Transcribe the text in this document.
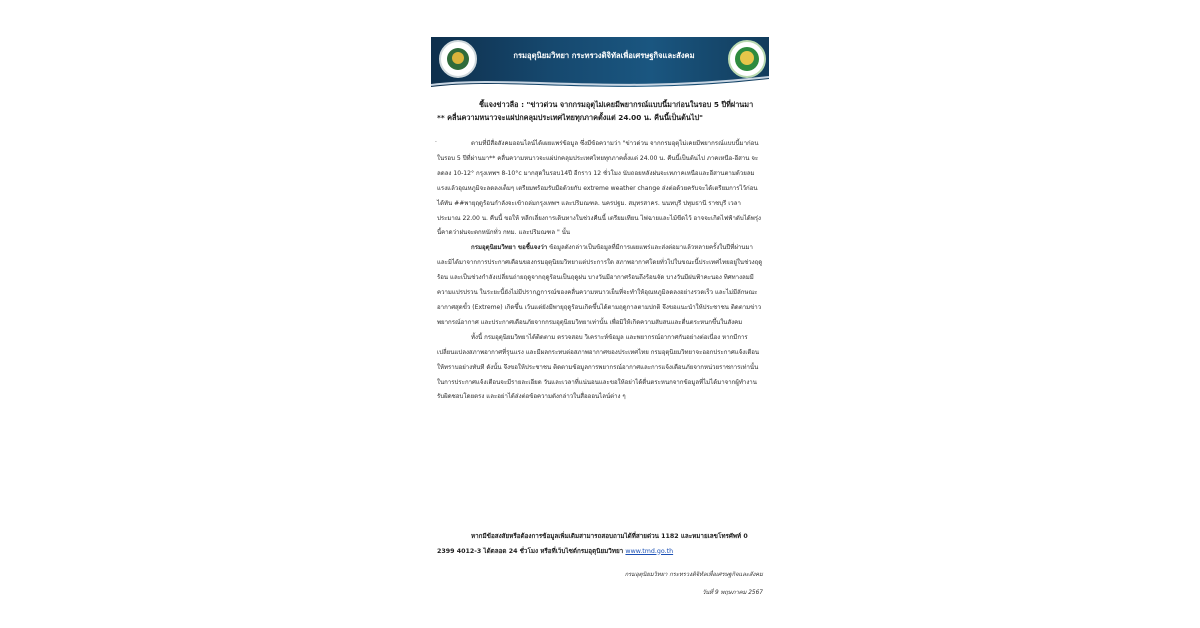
กรมอุตุนิยมวิทยา กระทรวงดิจิทัลเพื่อเศรษฐกิจและสังคม
ชี้แจงข่าวลือ : "ข่าวด่วน จากกรมอุตุไม่เคยมีพยากรณ์แบบนี้มาก่อนในรอบ 5 ปีที่ผ่านมา ** คลื่นความหนาวจะแผ่ปกคลุมประเทศไทยทุกภาคตั้งแต่ 24.00 น. คืนนี้เป็นต้นไป"
·	ตามที่มีสื่อสังคมออนไลน์ได้เผยแพร่ข้อมูล ซึ่งมีข้อความว่า "ข่าวด่วน จากกรมอุตุไม่เคยมีพยากรณ์แบบนี้มาก่อนในรอบ 5 ปีที่ผ่านมา** คลื่นความหนาวจะแผ่ปกคลุมประเทศไทยทุกภาคตั้งแต่ 24.00 น. คืนนี้เป็นต้นไป ภาคเหนือ-อีสาน จะลดลง 10-12° กรุงเทพฯ 8-10°c มากสุดในรอบ14ปี อีกราว 12 ชั่วโมง นับถอยหลังฝนจะเทภาคเหนือและอีสานตามด้วยลมแรงแล้วอุณหภูมิจะลดลงเต็มๆ เตรียมพร้อมรับมือด้วยกับ extreme weather change ส่งต่อด้วยครับจะได้เตรียมการไว้ก่อนได้ทัน ##พายุฤดูร้อนกำลังจะเข้าถล่มกรุงเทพฯ และปริมณฑล. นครปฐม. สมุทรสาคร. นนทบุรี ปทุมธานี ราชบุรี เวลาประมาณ 22.00 น. คืนนี้ ขอให้ หลีกเลี่ยงการเดินทางในช่วงคืนนี้ เตรียมเทียน ไฟฉายและไม้ขีดไว้ อาจจะเกิดไฟฟ้าดับได้พรุ่งนี้คาดว่าฝนจะตกหนักทั่ว กทม. และปริมณฑล " นั้น

กรมอุตุนิยมวิทยา ขอชี้แจงว่า ข้อมูลดังกล่าวเป็นข้อมูลที่มีการเผยแพร่และส่งต่อมาแล้วหลายครั้งในปีที่ผ่านมา และมิได้มาจากการประกาศเตือนของกรมอุตุนิยมวิทยาแต่ประการใด สภาพอากาศโดยทั่วไปในขณะนี้ประเทศไทยอยู่ในช่วงฤดูร้อน และเป็นช่วงกำลังเปลี่ยนถ่ายฤดูจากฤดูร้อนเป็นฤดูฝน บางวันมีอากาศร้อนถึงร้อนจัด บางวันมีฝนฟ้าคะนอง ทิศทางลมมีความแปรปรวน ในระยะนี้ยังไม่มีปรากฏการณ์ของคลื่นความหนาวเย็นที่จะทำให้อุณหภูมิลดลงอย่างรวดเร็ว และไม่มีลักษณะอากาศสุดขั้ว (Extreme) เกิดขึ้น เว้นแต่ยังมีพายุฤดูร้อนเกิดขึ้นได้ตามฤดูกาลตามปกติ จึงขอแนะนำให้ประชาชน ติดตามข่าวพยากรณ์อากาศ และประกาศเตือนภัยจากกรมอุตุนิยมวิทยาเท่านั้น เพื่อมิให้เกิดความสับสนและตื่นตระหนกขึ้นในสังคม

ทั้งนี้ กรมอุตุนิยมวิทยาได้ติดตาม ตรวจสอบ วิเคราะห์ข้อมูล และพยากรณ์อากาศกันอย่างต่อเนื่อง หากมีการเปลี่ยนแปลงสภาพอากาศที่รุนแรง และมีผลกระทบต่อสภาพอากาศของประเทศไทย กรมอุตุนิยมวิทยาจะออกประกาศแจ้งเตือนให้ทราบอย่างทันที ดังนั้น จึงขอให้ประชาชน ติดตามข้อมูลการพยากรณ์อากาศและการแจ้งเตือนภัยจากหน่วยราชการเท่านั้น ในการประกาศแจ้งเตือนจะมีรายละเอียด วันและเวลาที่แน่นอนและขอให้อย่าได้ตื่นตระหนกจากข้อมูลที่ไม่ได้มาจากผู้ทำงานรับผิดชอบโดยตรง และอย่าได้ส่งต่อข้อความดังกล่าวในสื่อออนไลน์ต่าง ๆ

หากมีข้อสงสัยหรือต้องการข้อมูลเพิ่มเติมสามารถสอบถามได้ที่สายด่วน 1182 และหมายเลขโทรศัพท์ 0 2399 4012-3 ได้ตลอด 24 ชั่วโมง หรือที่เว็บไซต์กรมอุตุนิยมวิทยา www.tmd.go.th
กรมอุตุนิยมวิทยา กระทรวงดิจิทัลเพื่อเศรษฐกิจและสังคม
วันที่ 9 พฤษภาคม 2567
